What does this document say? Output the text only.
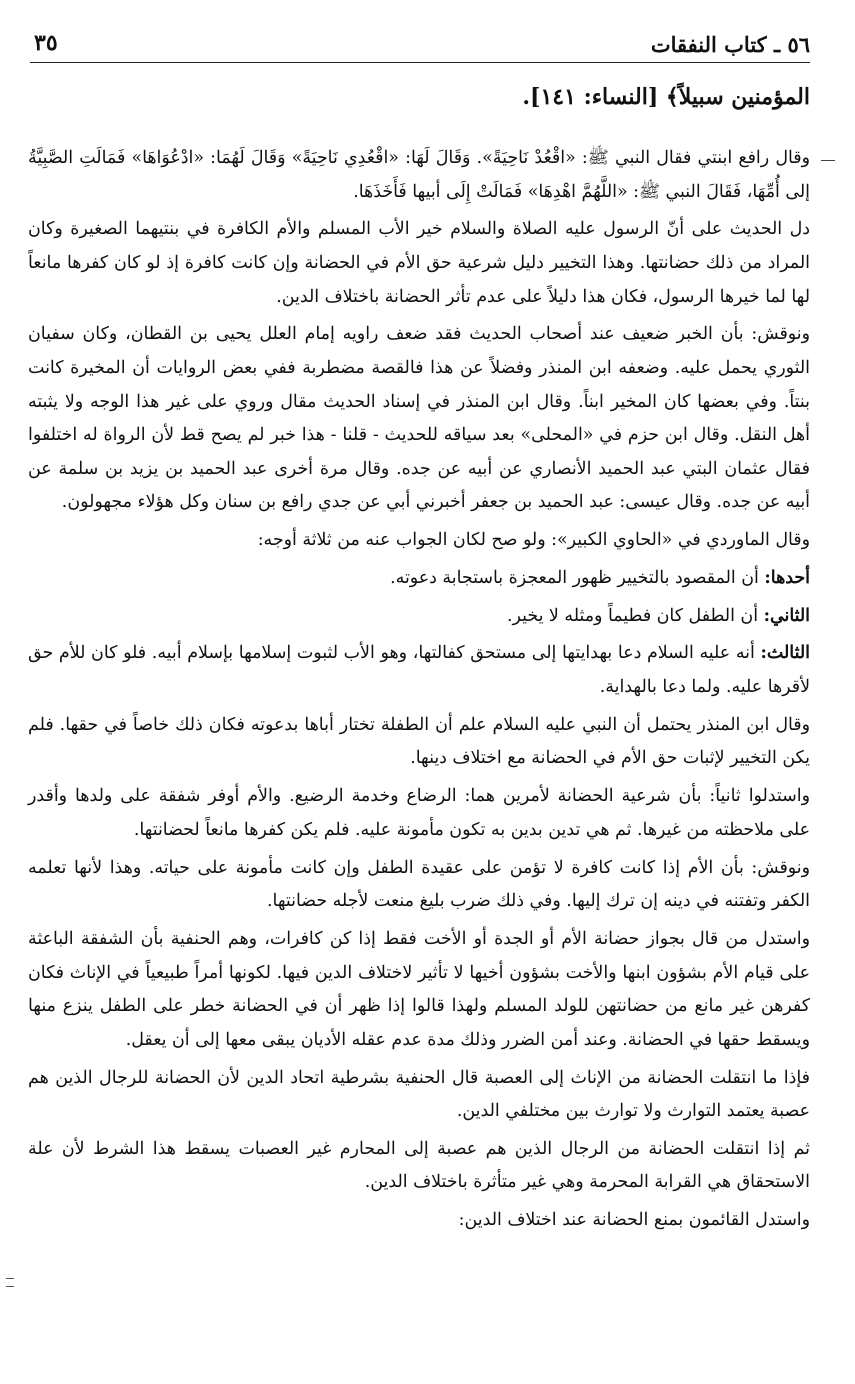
٥٦ ـ كتاب النفقات
٣٥
المؤمنين سبيلاً﴾ [النساء: ١٤١].

وقال رافع ابنتي فقال النبي ﷺ: «اقْعُدْ نَاحِيَةً». وَقَالَ لَهَا: «اقْعُدِي نَاحِيَةً» وَقَالَ لَهُمَا: «ادْعُوَاهَا» فَمَالَتِ الصَّبِيَّةُ إلى أُمِّهَا، فَقَالَ النبي ﷺ: «اللَّهُمَّ اهْدِهَا» فَمَالَتْ إِلَى أبيها فَأَخَذَهَا.

دل الحديث على أنّ الرسول عليه الصلاة والسلام خير الأب المسلم والأم الكافرة في بنتيهما الصغيرة وكان المراد من ذلك حضانتها. وهذا التخيير دليل شرعية حق الأم في الحضانة وإن كانت كافرة إذ لو كان كفرها مانعاً لها لما خيرها الرسول، فكان هذا دليلاً على عدم تأثر الحضانة باختلاف الدين.

ونوقش: بأن الخبر ضعيف عند أصحاب الحديث فقد ضعف راويه إمام العلل يحيى بن القطان، وكان سفيان الثوري يحمل عليه. وضعفه ابن المنذر وفضلاً عن هذا فالقصة مضطربة ففي بعض الروايات أن المخيرة كانت بنتاً. وفي بعضها كان المخير ابناً. وقال ابن المنذر في إسناد الحديث مقال وروي على غير هذا الوجه ولا يثبته أهل النقل. وقال ابن حزم في «المحلى» بعد سياقه للحديث - قلنا - هذا خبر لم يصح قط لأن الرواة له اختلفوا فقال عثمان البتي عبد الحميد الأنصاري عن أبيه عن جده. وقال مرة أخرى عبد الحميد بن يزيد بن سلمة عن أبيه عن جده. وقال عيسى: عبد الحميد بن جعفر أخبرني أبي عن جدي رافع بن سنان وكل هؤلاء مجهولون.

وقال الماوردي في «الحاوي الكبير»: ولو صح لكان الجواب عنه من ثلاثة أوجه:

أحدها: أن المقصود بالتخيير ظهور المعجزة باستجابة دعوته.

الثاني: أن الطفل كان فطيماً ومثله لا يخير.

الثالث: أنه عليه السلام دعا بهدايتها إلى مستحق كفالتها، وهو الأب لثبوت إسلامها بإسلام أبيه. فلو كان للأم حق لأقرها عليه. ولما دعا بالهداية.

وقال ابن المنذر يحتمل أن النبي عليه السلام علم أن الطفلة تختار أباها بدعوته فكان ذلك خاصاً في حقها. فلم يكن التخيير لإثبات حق الأم في الحضانة مع اختلاف دينها.

واستدلوا ثانياً: بأن شرعية الحضانة لأمرين هما: الرضاع وخدمة الرضيع. والأم أوفر شفقة على ولدها وأقدر على ملاحظته من غيرها. ثم هي تدين بدين به تكون مأمونة عليه. فلم يكن كفرها مانعاً لحضانتها.

ونوقش: بأن الأم إذا كانت كافرة لا تؤمن على عقيدة الطفل وإن كانت مأمونة على حياته. وهذا لأنها تعلمه الكفر وتفتنه في دينه إن ترك إليها. وفي ذلك ضرب بليغ منعت لأجله حضانتها.

واستدل من قال بجواز حضانة الأم أو الجدة أو الأخت فقط إذا كن كافرات، وهم الحنفية بأن الشفقة الباعثة على قيام الأم بشؤون ابنها والأخت بشؤون أخيها لا تأثير لاختلاف الدين فيها. لكونها أمراً طبيعياً في الإناث فكان كفرهن غير مانع من حضانتهن للولد المسلم ولهذا قالوا إذا ظهر أن في الحضانة خطر على الطفل ينزع منها ويسقط حقها في الحضانة. وعند أمن الضرر وذلك مدة عدم عقله الأديان يبقى معها إلى أن يعقل.

فإذا ما انتقلت الحضانة من الإناث إلى العصبة قال الحنفية بشرطية اتحاد الدين لأن الحضانة للرجال الذين هم عصبة يعتمد التوارث ولا توارث بين مختلفي الدين.

ثم إذا انتقلت الحضانة من الرجال الذين هم عصبة إلى المحارم غير العصبات يسقط هذا الشرط لأن علة الاستحقاق هي القرابة المحرمة وهي غير متأثرة باختلاف الدين.

واستدل القائمون بمنع الحضانة عند اختلاف الدين:
